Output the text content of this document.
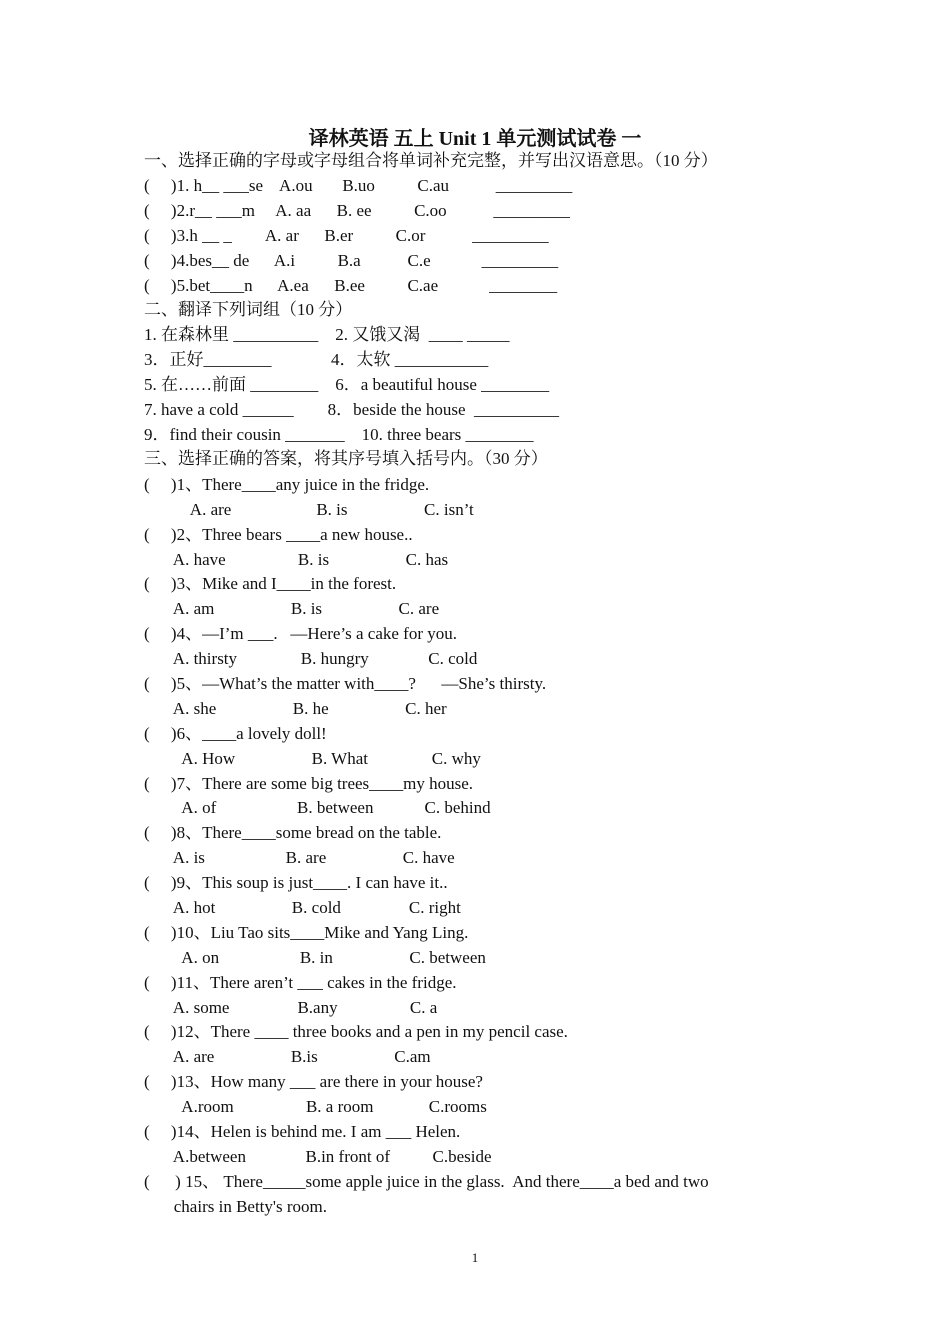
译林英语 五上 Unit 1 单元测试试卷 一
一、选择正确的字母或字母组合将单词补充完整，并写出汉语意思。（10 分）
(     )1. h__ ___se    A.ou       B.uo          C.au           _________
(     )2.r__ ___m     A. aa      B. ee          C.oo           _________
(     )3.h __ _        A. ar      B.er          C.or           _________
(     )4.bes__ de      A.i          B.a           C.e            _________
(     )5.bet____n      A.ea      B.ee          C.ae            ________
二、翻译下列词组（10 分）
1. 在森林里 __________    2. 又饿又渴  ____ _____
3．正好________              4．太软 ___________
5. 在……前面 ________    6．a beautiful house ________
7. have a cold ______        8．beside the house  __________
9．find their cousin _______    10. three bears ________
三、选择正确的答案，将其序号填入括号内。（30 分）
(     )1、There____any juice in the fridge.
A. are                    B. is                  C. isn’t
(     )2、Three bears ____a new house..
A. have                 B. is                  C. has
(     )3、Mike and I____in the forest.
A. am                  B. is                  C. are
(     )4、—I’m ___.   —Here’s a cake for you.
A. thirsty               B. hungry              C. cold
(     )5、—What’s the matter with____?      —She’s thirsty.
A. she                  B. he                  C. her
(     )6、____a lovely doll!
A. How                  B. What               C. why
(     )7、There are some big trees____my house.
A. of                   B. between            C. behind
(     )8、There____some bread on the table.
A. is                   B. are                  C. have
(     )9、This soup is just____. I can have it..
A. hot                  B. cold                C. right
(     )10、Liu Tao sits____Mike and Yang Ling.
A. on                   B. in                  C. between
(     )11、There aren’t ___ cakes in the fridge.
A. some                B.any                 C. a
(     )12、There ____ three books and a pen in my pencil case.
A. are                  B.is                  C.am
(     )13、How many ___ are there in your house?
A.room                 B. a room             C.rooms
(     )14、Helen is behind me. I am ___ Helen.
A.between              B.in front of          C.beside
(      ) 15、 There_____some apple juice in the glass.  And there____a bed and two
chairs in Betty's room.
1
